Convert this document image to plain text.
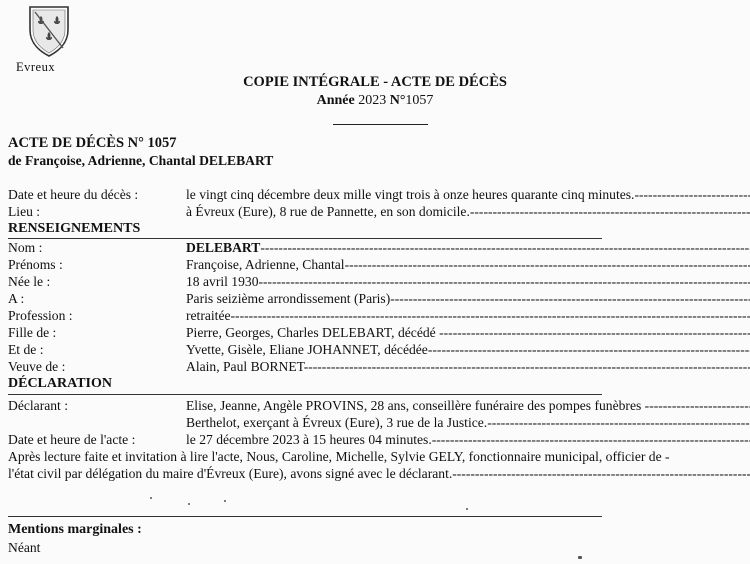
Evreux
COPIE INTÉGRALE - ACTE DE DÉCÈS
Année 2023 N°1057
ACTE DE DÉCÈS N° 1057
de Françoise, Adrienne, Chantal DELEBART
Date et heure du décès :	le vingt cinq décembre deux mille vingt trois à onze heures quarante cinq minutes. -----
Lieu :	à Évreux (Eure), 8 rue de Pannette, en son domicile. -----
RENSEIGNEMENTS
Nom :	DELEBART -----
Prénoms :	Françoise, Adrienne, Chantal -----
Née le :	18 avril 1930 -----
A :	Paris seizième arrondissement (Paris) -----
Profession :	retraitée -----
Fille de :	Pierre, Georges, Charles DELEBART, décédé -----
Et de :	Yvette, Gisèle, Eliane JOHANNET, décédée -----
Veuve de :	Alain, Paul BORNET -----
DÉCLARATION
Déclarant :	Elise, Jeanne, Angèle PROVINS, 28 ans, conseillère funéraire des pompes funèbres -----
Berthelot, exerçant à Évreux (Eure), 3 rue de la Justice. -----
Date et heure de l'acte :	le 27 décembre 2023 à 15 heures 04 minutes. -----
Après lecture faite et invitation à lire l'acte, Nous, Caroline, Michelle, Sylvie GELY, fonctionnaire municipal, officier de -
l'état civil par délégation du maire d'Évreux (Eure), avons signé avec le déclarant. -----
Mentions marginales :
Néant
